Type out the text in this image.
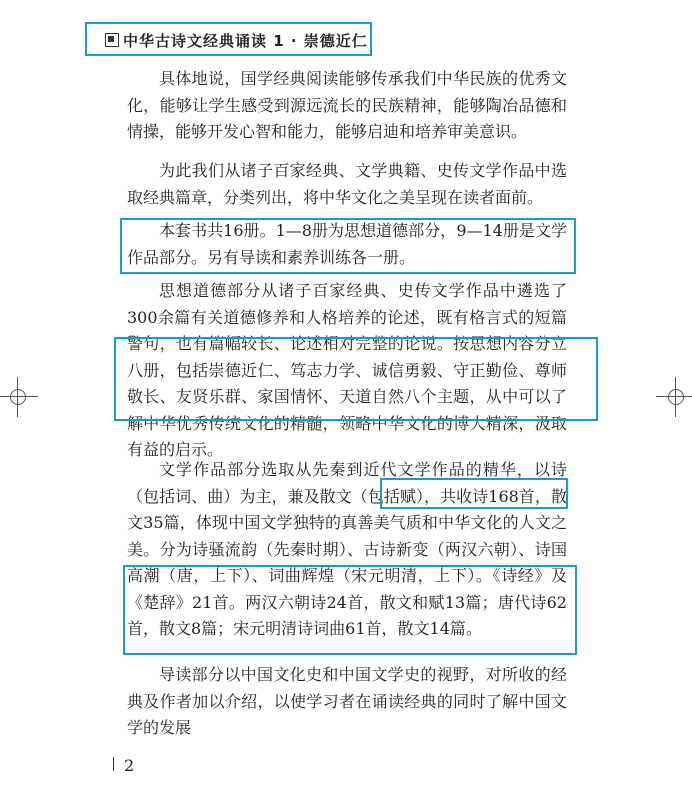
中华古诗文经典诵读 1 · 崇德近仁

具体地说，国学经典阅读能够传承我们中华民族的优秀文化，能够让学生感受到源远流长的民族精神，能够陶冶品德和情操，能够开发心智和能力，能够启迪和培养审美意识。

为此我们从诸子百家经典、文学典籍、史传文学作品中选取经典篇章，分类列出，将中华文化之美呈现在读者面前。

本套书共16册。1—8册为思想道德部分，9—14册是文学作品部分。另有导读和素养训练各一册。

思想道德部分从诸子百家经典、史传文学作品中遴选了300余篇有关道德修养和人格培养的论述，既有格言式的短篇警句，也有篇幅较长、论述相对完整的论说。按思想内容分立八册，包括崇德近仁、笃志力学、诚信勇毅、守正勤俭、尊师敬长、友贤乐群、家国情怀、天道自然八个主题，从中可以了解中华优秀传统文化的精髓，领略中华文化的博大精深，汲取有益的启示。

文学作品部分选取从先秦到近代文学作品的精华，以诗（包括词、曲）为主，兼及散文（包括赋），共收诗168首，散文35篇，体现中国文学独特的真善美气质和中华文化的人文之美。分为诗骚流韵（先秦时期）、古诗新变（两汉六朝）、诗国高潮（唐，上下）、词曲辉煌（宋元明清，上下）。《诗经》及《楚辞》21首。两汉六朝诗24首，散文和赋13篇；唐代诗62首，散文8篇；宋元明清诗词曲61首，散文14篇。

导读部分以中国文化史和中国文学史的视野，对所收的经典及作者加以介绍，以使学习者在诵读经典的同时了解中国文学的发展

2
